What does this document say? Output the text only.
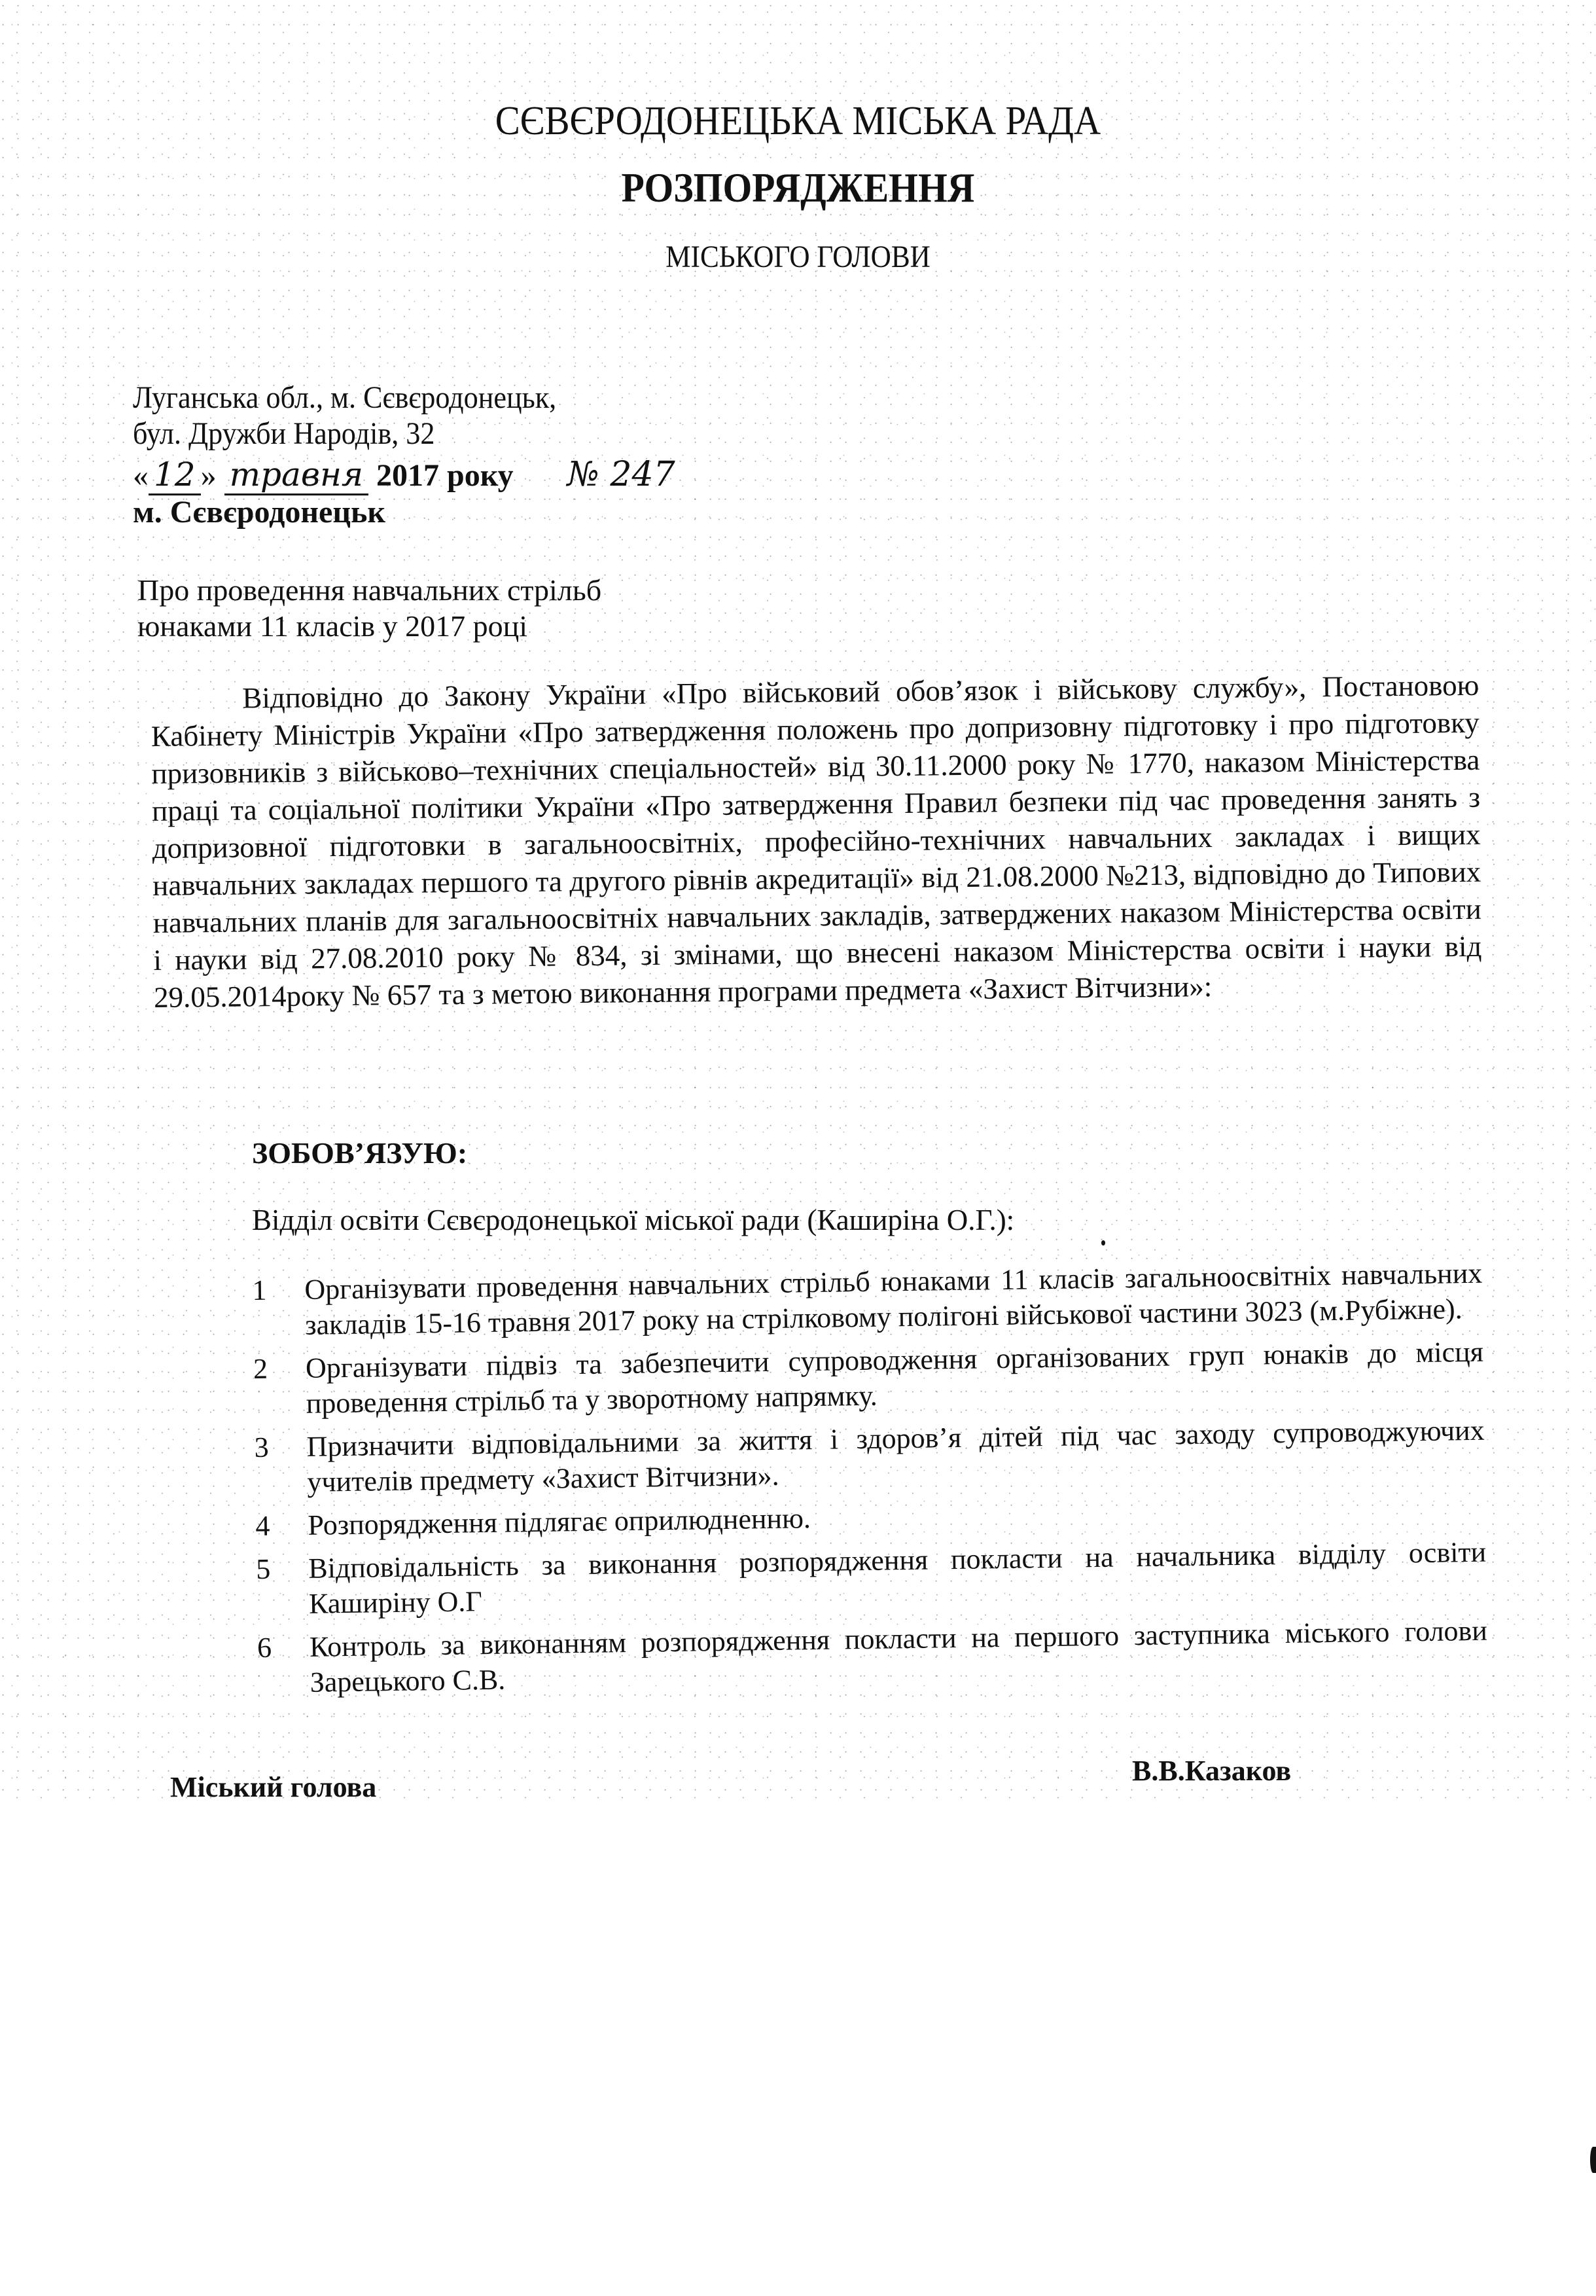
СЄВЄРОДОНЕЦЬКА МІСЬКА РАДА
РОЗПОРЯДЖЕННЯ
МІСЬКОГО ГОЛОВИ
Луганська обл., м. Сєвєродонецьк,
бул. Дружби Народів, 32
« 12 » травня 2017 року № 247
м. Сєвєродонецьк
Про проведення навчальних стрільб
юнаками 11 класів у 2017 році
Відповідно до Закону України «Про військовий обов’язок і військову службу», Постановою Кабінету Міністрів України «Про затвердження положень про допризовну підготовку і про підготовку призовників з військово–технічних спеціальностей» від 30.11.2000 року № 1770, наказом Міністерства праці та соціальної політики України «Про затвердження Правил безпеки під час проведення занять з допризовної підготовки в загальноосвітніх, професійно-технічних навчальних закладах і вищих навчальних закладах першого та другого рівнів акредитації» від 21.08.2000 №213, відповідно до Типових навчальних планів для загальноосвітніх навчальних закладів, затверджених наказом Міністерства освіти і науки від 27.08.2010 року № 834, зі змінами, що внесені наказом Міністерства освіти і науки від 29.05.2014року № 657 та з метою виконання програми предмета «Захист Вітчизни»:
ЗОБОВ’ЯЗУЮ:
Відділ освіти Сєвєродонецької міської ради (Каширіна О.Г.):
1	Організувати проведення навчальних стрільб юнаками 11 класів загальноосвітніх навчальних закладів 15-16 травня 2017 року на стрілковому полігоні військової частини 3023 (м.Рубіжне).
2	Організувати підвіз та забезпечити супроводження організованих груп юнаків до місця проведення стрільб та у зворотному напрямку.
3	Призначити відповідальними за життя і здоров’я дітей під час заходу супроводжуючих учителів предмету «Захист Вітчизни».
4	Розпорядження підлягає оприлюдненню.
5	Відповідальність за виконання розпорядження покласти на начальника відділу освіти Каширіну О.Г
6	Контроль за виконанням розпорядження покласти на першого заступника міського голови Зарецького С.В.
Міський голова
В.В.Казаков
